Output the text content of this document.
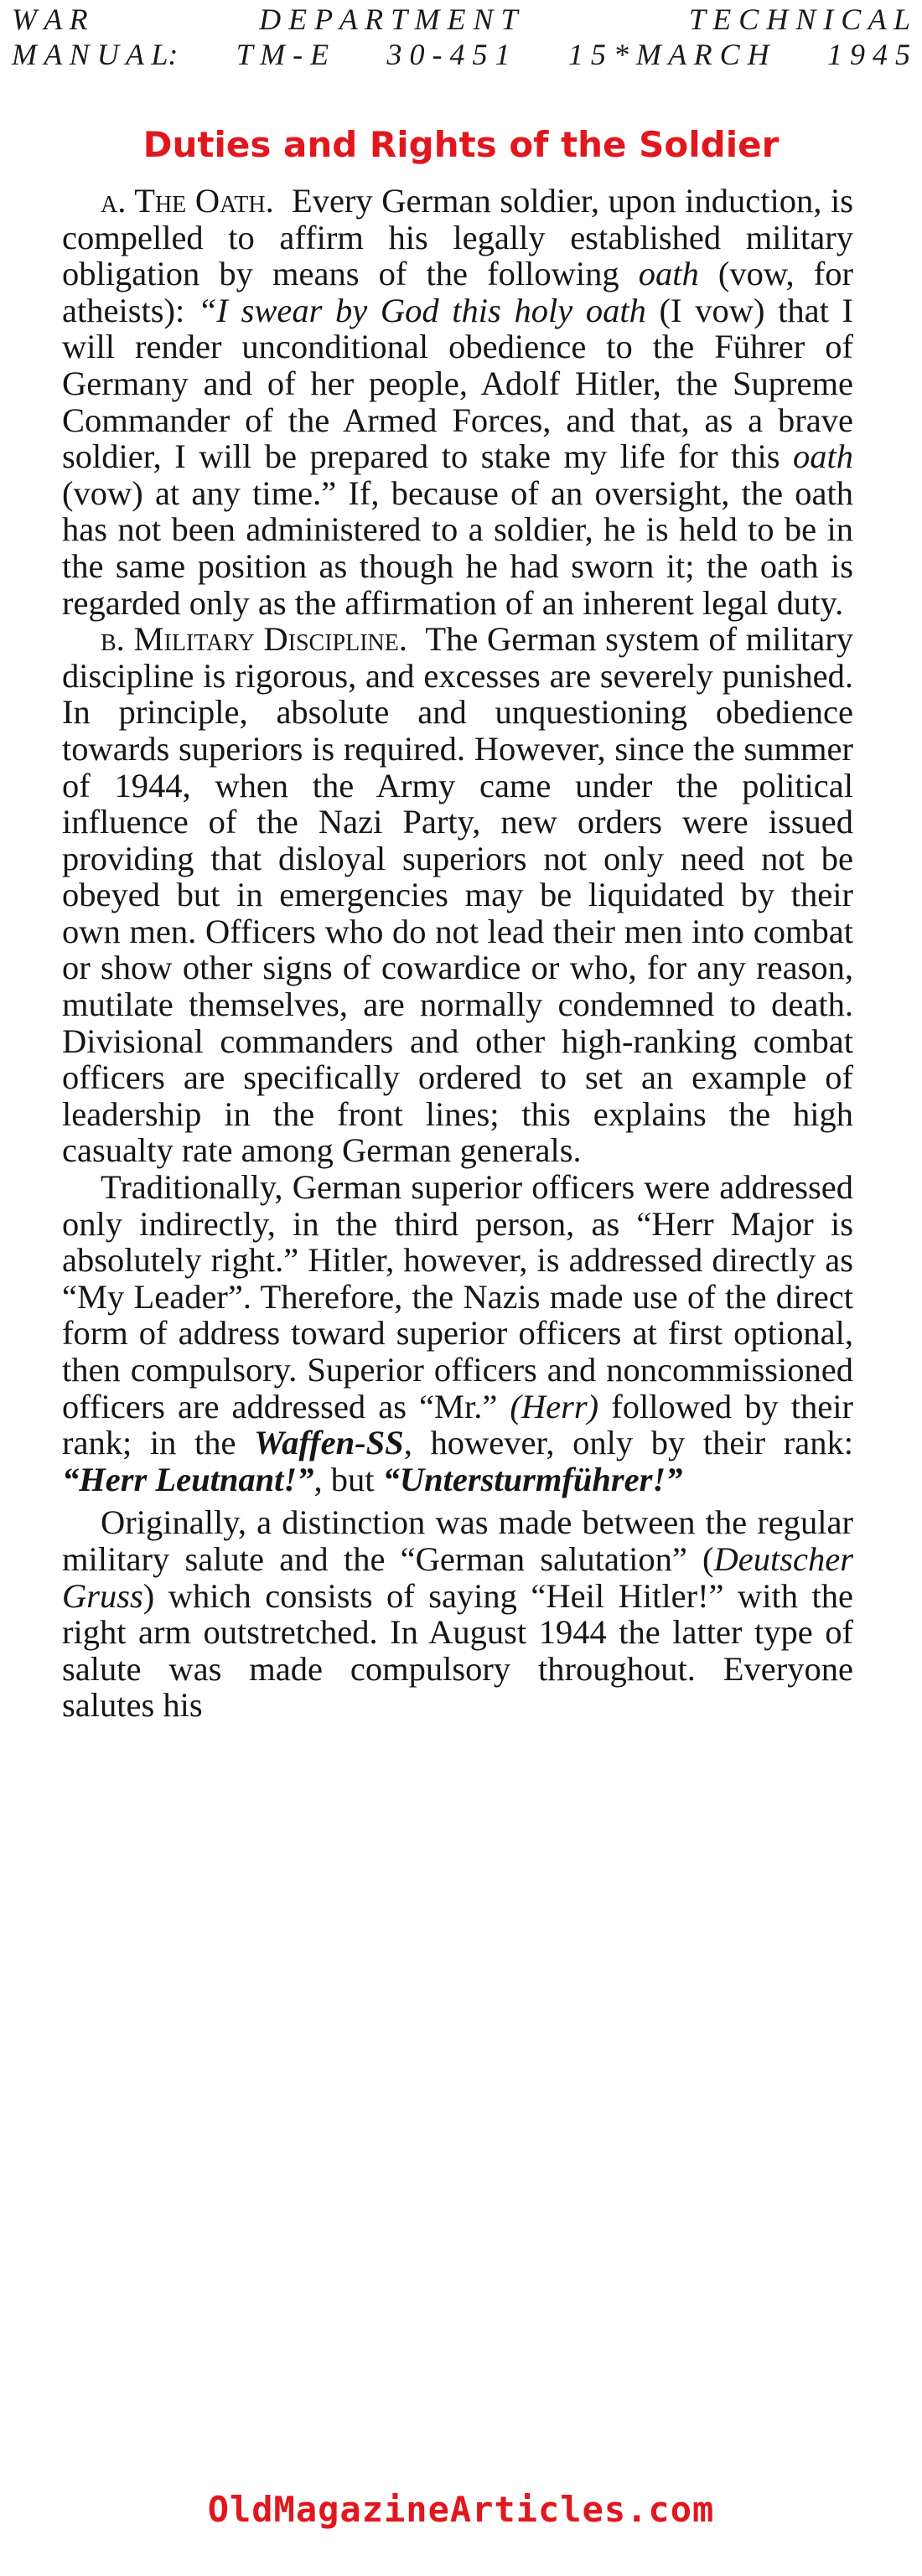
W A R	D E P A R T M E N T	T E C H N I C A L
M A N U A L: T M - E 3 0 - 4 5 1 1 5 * M A R C H 1 9 4 5
Duties and Rights of the Soldier

a. The Oath. Every German soldier, upon induction, is compelled to affirm his legally established military obligation by means of the following oath (vow, for atheists): “I swear by God this holy oath (I vow) that I will render unconditional obedience to the Führer of Germany and of her people, Adolf Hitler, the Supreme Commander of the Armed Forces, and that, as a brave soldier, I will be prepared to stake my life for this oath (vow) at any time.” If, because of an oversight, the oath has not been administered to a soldier, he is held to be in the same position as though he had sworn it; the oath is regarded only as the affirmation of an inherent legal duty.

b. Military Discipline. The German system of military discipline is rigorous, and excesses are severely punished. In principle, absolute and unquestioning obedience towards superiors is required. However, since the summer of 1944, when the Army came under the political influence of the Nazi Party, new orders were issued providing that disloyal superiors not only need not be obeyed but in emergencies may be liquidated by their own men. Officers who do not lead their men into combat or show other signs of cowardice or who, for any reason, mutilate themselves, are normally condemned to death. Divisional commanders and other high-ranking combat officers are specifically ordered to set an example of leadership in the front lines; this explains the high casualty rate among German generals.

Traditionally, German superior officers were addressed only indirectly, in the third person, as “Herr Major is absolutely right.” Hitler, however, is addressed directly as “My Leader”. Therefore, the Nazis made use of the direct form of address toward superior officers at first optional, then compulsory. Superior officers and noncommissioned officers are addressed as “Mr.” (Herr) followed by their rank; in the Waffen-SS, however, only by their rank: “Herr Leutnant!”, but “Untersturmführer!”

Originally, a distinction was made between the regular military salute and the “German salutation” (Deutscher Gruss) which consists of saying “Heil Hitler!” with the right arm outstretched. In August 1944 the latter type of salute was made compulsory throughout. Everyone salutes his

OldMagazineArticles.com
